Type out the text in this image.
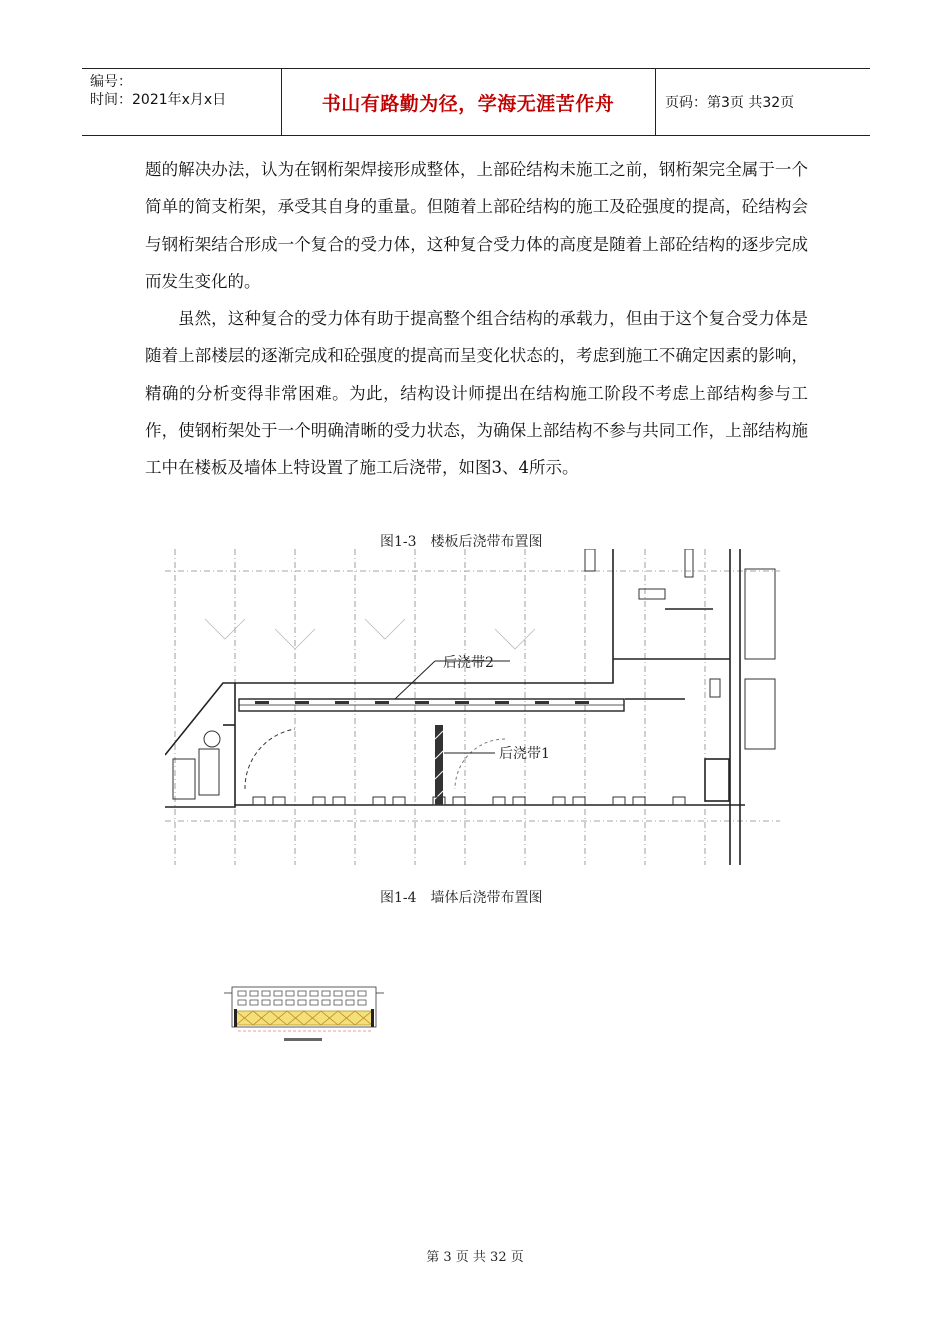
编号：
时间：2021年x月x日	书山有路勤为径，学海无涯苦作舟	页码：第3页 共32页
题的解决办法，认为在钢桁架焊接形成整体，上部砼结构未施工之前，钢桁架完全属于一个简单的简支桁架，承受其自身的重量。但随着上部砼结构的施工及砼强度的提高，砼结构会与钢桁架结合形成一个复合的受力体，这种复合受力体的高度是随着上部砼结构的逐步完成而发生变化的。
虽然，这种复合的受力体有助于提高整个组合结构的承载力，但由于这个复合受力体是随着上部楼层的逐渐完成和砼强度的提高而呈变化状态的，考虑到施工不确定因素的影响，精确的分析变得非常困难。为此，结构设计师提出在结构施工阶段不考虑上部结构参与工作，使钢桁架处于一个明确清晰的受力状态，为确保上部结构不参与共同工作，上部结构施工中在楼板及墙体上特设置了施工后浇带，如图3、4所示。
图1-3　楼板后浇带布置图
后浇带2
后浇带1
图1-4　墙体后浇带布置图
第 3 页 共 32 页
